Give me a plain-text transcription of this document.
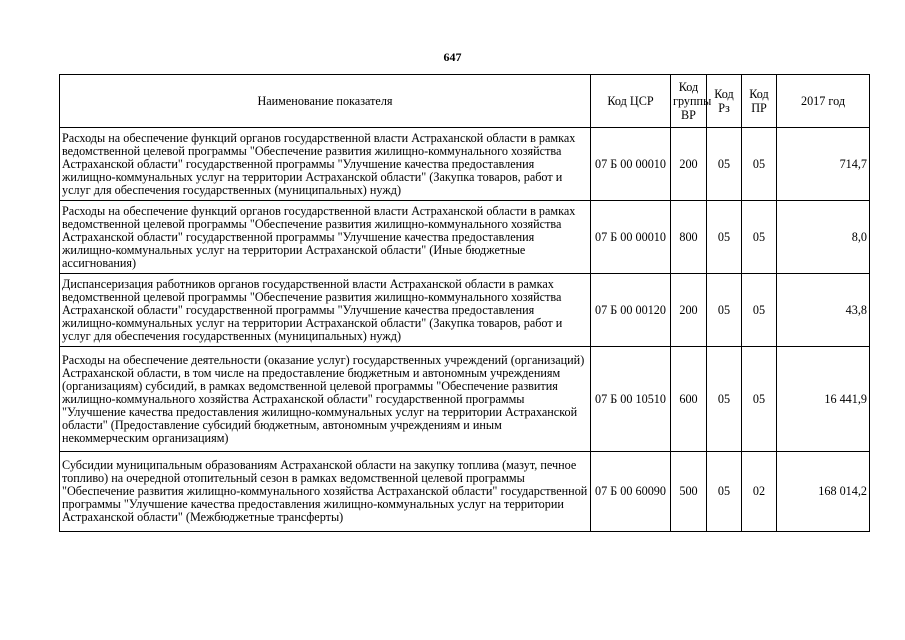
647
Наименование показателя	Код ЦСР	Код группы ВР	Код Рз	Код ПР	2017 год
Расходы на обеспечение функций органов государственной власти Астраханской области в рамках ведомственной целевой программы "Обеспечение развития жилищно-коммунального хозяйства Астраханской области" государственной программы "Улучшение качества предоставления жилищно-коммунальных услуг на территории Астраханской области" (Закупка товаров, работ и услуг для обеспечения государственных (муниципальных) нужд)	07 Б 00 00010	200	05	05	714,7
Расходы на обеспечение функций органов государственной власти Астраханской области в рамках ведомственной целевой программы "Обеспечение развития жилищно-коммунального хозяйства Астраханской области" государственной программы "Улучшение качества предоставления жилищно-коммунальных услуг на территории Астраханской области" (Иные бюджетные ассигнования)	07 Б 00 00010	800	05	05	8,0
Диспансеризация работников органов государственной власти Астраханской области в рамках ведомственной целевой программы "Обеспечение развития жилищно-коммунального хозяйства Астраханской области" государственной программы "Улучшение качества предоставления жилищно-коммунальных услуг на территории Астраханской области" (Закупка товаров, работ и услуг для обеспечения государственных (муниципальных) нужд)	07 Б 00 00120	200	05	05	43,8
Расходы на обеспечение деятельности (оказание услуг) государственных учреждений (организаций) Астраханской области, в том числе на предоставление бюджетным и автономным учреждениям (организациям) субсидий, в рамках ведомственной целевой программы "Обеспечение развития жилищно-коммунального хозяйства Астраханской области" государственной программы "Улучшение качества предоставления жилищно-коммунальных услуг на территории Астраханской области" (Предоставление субсидий бюджетным, автономным учреждениям и иным некоммерческим организациям)	07 Б 00 10510	600	05	05	16 441,9
Субсидии муниципальным образованиям Астраханской области на закупку топлива (мазут, печное топливо) на очередной отопительный сезон в рамках ведомственной целевой программы "Обеспечение развития жилищно-коммунального хозяйства Астраханской области" государственной программы "Улучшение качества предоставления жилищно-коммунальных услуг на территории Астраханской области" (Межбюджетные трансферты)	07 Б 00 60090	500	05	02	168 014,2
